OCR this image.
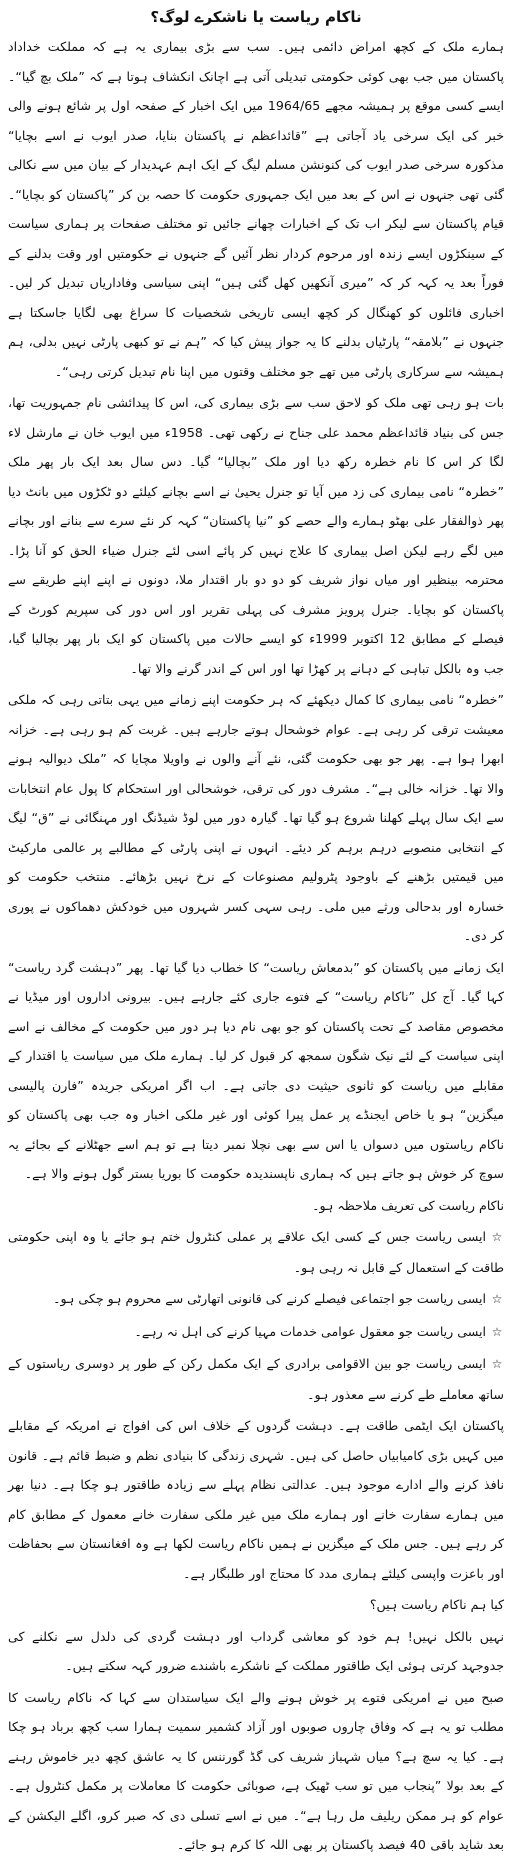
ناکام ریاست یا ناشکرے لوگ؟

ہمارے ملک کے کچھ امراض دائمی ہیں۔ سب سے بڑی بیماری یہ ہے کہ مملکت خداداد پاکستان میں جب بھی کوئی حکومتی تبدیلی آتی ہے اچانک انکشاف ہوتا ہے کہ ”ملک بچ گیا“۔ ایسے کسی موقع پر ہمیشہ مجھے 1964/65 میں ایک اخبار کے صفحہ اول پر شائع ہونے والی خبر کی ایک سرخی یاد آجاتی ہے ”قائداعظم نے پاکستان بنایا، صدر ایوب نے اسے بچایا“ مذکورہ سرخی صدر ایوب کی کنونشن مسلم لیگ کے ایک اہم عہدیدار کے بیان میں سے نکالی گئی تھی جنہوں نے اس کے بعد میں ایک جمہوری حکومت کا حصہ بن کر ”پاکستان کو بچایا“۔ قیام پاکستان سے لیکر اب تک کے اخبارات چھانے جائیں تو مختلف صفحات پر ہماری سیاست کے سینکڑوں ایسے زندہ اور مرحوم کردار نظر آئیں گے جنہوں نے حکومتیں اور وقت بدلنے کے فوراً بعد یہ کہہ کر کہ ”میری آنکھیں کھل گئی ہیں“ اپنی سیاسی وفاداریاں تبدیل کر لیں۔ اخباری فائلوں کو کھنگال کر کچھ ایسی تاریخی شخصیات کا سراغ بھی لگایا جاسکتا ہے جنہوں نے ”بلامقہ“ پارٹیاں بدلنے کا یہ جواز پیش کیا کہ ”ہم نے تو کبھی پارٹی نہیں بدلی، ہم ہمیشہ سے سرکاری پارٹی میں تھے جو مختلف وقتوں میں اپنا نام تبدیل کرتی رہی“۔

بات ہو رہی تھی ملک کو لاحق سب سے بڑی بیماری کی، اس کا پیدائشی نام جمہوریت تھا، جس کی بنیاد قائداعظم محمد علی جناح نے رکھی تھی۔ 1958ء میں ایوب خان نے مارشل لاء لگا کر اس کا نام خطرہ رکھ دیا اور ملک ”بچالیا“ گیا۔ دس سال بعد ایک بار پھر ملک ”خطرہ“ نامی بیماری کی زد میں آیا تو جنرل یحییٰ نے اسے بچانے کیلئے دو ٹکڑوں میں بانٹ دیا پھر ذوالفقار علی بھٹو ہمارے والے حصے کو ”نیا پاکستان“ کہہ کر نئے سرے سے بنانے اور بچانے میں لگے رہے لیکن اصل بیماری کا علاج نہیں کر پائے اسی لئے جنرل ضیاء الحق کو آنا پڑا۔ محترمہ بینظیر اور میاں نواز شریف کو دو دو بار اقتدار ملا، دونوں نے اپنے اپنے طریقے سے پاکستان کو بچایا۔ جنرل پرویز مشرف کی پہلی تقریر اور اس دور کی سپریم کورٹ کے فیصلے کے مطابق 12 اکتوبر 1999ء کو ایسے حالات میں پاکستان کو ایک بار پھر بچالیا گیا، جب وہ بالکل تباہی کے دہانے پر کھڑا تھا اور اس کے اندر گرنے والا تھا۔

”خطرہ“ نامی بیماری کا کمال دیکھئے کہ ہر حکومت اپنے زمانے میں یہی بتاتی رہی کہ ملکی معیشت ترقی کر رہی ہے۔ عوام خوشحال ہوتے جارہے ہیں۔ غربت کم ہو رہی ہے۔ خزانہ ابھرا ہوا ہے۔ پھر جو بھی حکومت گئی، نئے آنے والوں نے واویلا مچایا کہ ”ملک دیوالیہ ہونے والا تھا۔ خزانہ خالی ہے“۔ مشرف دور کی ترقی، خوشحالی اور استحکام کا پول عام انتخابات سے ایک سال پہلے کھلنا شروع ہو گیا تھا۔ گیارہ دور میں لوڈ شیڈنگ اور مہنگائی نے ”ق“ لیگ کے انتخابی منصوبے درہم برہم کر دیئے۔ انہوں نے اپنی پارٹی کے مطالبے پر عالمی مارکیٹ میں قیمتیں بڑھنے کے باوجود پٹرولیم مصنوعات کے نرخ نہیں بڑھائے۔ منتخب حکومت کو خسارہ اور بدحالی ورثے میں ملی۔ رہی سہی کسر شہروں میں خودکش دھماکوں نے پوری کر دی۔

ایک زمانے میں پاکستان کو ”بدمعاش ریاست“ کا خطاب دیا گیا تھا۔ پھر ”دہشت گرد ریاست“ کہا گیا۔ آج کل ”ناکام ریاست“ کے فتوے جاری کئے جارہے ہیں۔ بیرونی اداروں اور میڈیا نے مخصوص مقاصد کے تحت پاکستان کو جو بھی نام دیا ہر دور میں حکومت کے مخالف نے اسے اپنی سیاست کے لئے نیک شگون سمجھ کر قبول کر لیا۔ ہمارے ملک میں سیاست یا اقتدار کے مقابلے میں ریاست کو ثانوی حیثیت دی جاتی ہے۔ اب اگر امریکی جریدہ ”فارن پالیسی میگزین“ ہو یا خاص ایجنڈے پر عمل پیرا کوئی اور غیر ملکی اخبار وہ جب بھی پاکستان کو ناکام ریاستوں میں دسواں یا اس سے بھی نچلا نمبر دیتا ہے تو ہم اسے جھٹلانے کے بجائے یہ سوچ کر خوش ہو جاتے ہیں کہ ہماری ناپسندیدہ حکومت کا بوریا بستر گول ہونے والا ہے۔

ناکام ریاست کی تعریف ملاحظہ ہو۔

☆ایسی ریاست جس کے کسی ایک علاقے پر عملی کنٹرول ختم ہو جائے یا وہ اپنی حکومتی طاقت کے استعمال کے قابل نہ رہی ہو۔

☆ایسی ریاست جو اجتماعی فیصلے کرنے کی قانونی اتھارٹی سے محروم ہو چکی ہو۔

☆ایسی ریاست جو معقول عوامی خدمات مہیا کرنے کی اہل نہ رہے۔

☆ایسی ریاست جو بین الاقوامی برادری کے ایک مکمل رکن کے طور پر دوسری ریاستوں کے ساتھ معاملے طے کرنے سے معذور ہو۔

پاکستان ایک ایٹمی طاقت ہے۔ دہشت گردوں کے خلاف اس کی افواج نے امریکہ کے مقابلے میں کہیں بڑی کامیابیاں حاصل کی ہیں۔ شہری زندگی کا بنیادی نظم و ضبط قائم ہے۔ قانون نافذ کرنے والے ادارے موجود ہیں۔ عدالتی نظام پہلے سے زیادہ طاقتور ہو چکا ہے۔ دنیا بھر میں ہمارے سفارت خانے اور ہمارے ملک میں غیر ملکی سفارت خانے معمول کے مطابق کام کر رہے ہیں۔ جس ملک کے میگزین نے ہمیں ناکام ریاست لکھا ہے وہ افغانستان سے بحفاظت اور باعزت واپسی کیلئے ہماری مدد کا محتاج اور طلبگار ہے۔

کیا ہم ناکام ریاست ہیں؟

نہیں بالکل نہیں! ہم خود کو معاشی گرداب اور دہشت گردی کی دلدل سے نکلنے کی جدوجہد کرتی ہوئی ایک طاقتور مملکت کے ناشکرے باشندے ضرور کہہ سکتے ہیں۔

صبح میں نے امریکی فتوے پر خوش ہونے والے ایک سیاستدان سے کہا کہ ناکام ریاست کا مطلب تو یہ ہے کہ وفاق چاروں صوبوں اور آزاد کشمیر سمیت ہمارا سب کچھ برباد ہو چکا ہے۔ کیا یہ سچ ہے؟ میاں شہباز شریف کی گڈ گورننس کا یہ عاشق کچھ دیر خاموش رہنے کے بعد بولا ”پنجاب میں تو سب ٹھیک ہے، صوبائی حکومت کا معاملات پر مکمل کنٹرول ہے۔ عوام کو ہر ممکن ریلیف مل رہا ہے“۔ میں نے اسے تسلی دی کہ صبر کرو، اگلے الیکشن کے بعد شاید باقی 40 فیصد پاکستان پر بھی اللہ کا کرم ہو جائے۔
